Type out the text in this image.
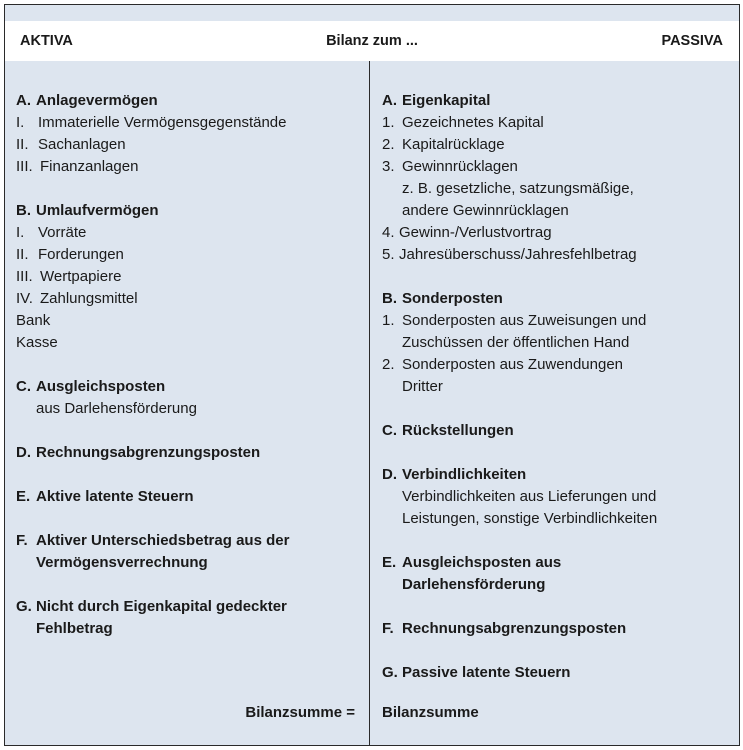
AKTIVA	Bilanz zum ...	PASSIVA
A. Anlagevermögen
I. Immaterielle Vermögensgegenstände
II. Sachanlagen
III. Finanzanlagen
B. Umlaufvermögen
I. Vorräte
II. Forderungen
III. Wertpapiere
IV. Zahlungsmittel
Bank
Kasse
C. Ausgleichsposten
aus Darlehensförderung
D. Rechnungsabgrenzungsposten
E. Aktive latente Steuern
F. Aktiver Unterschiedsbetrag aus der
Vermögensverrechnung
G. Nicht durch Eigenkapital gedeckter
Fehlbetrag
Bilanzsumme =
A. Eigenkapital
1. Gezeichnetes Kapital
2. Kapitalrücklage
3. Gewinnrücklagen
z. B. gesetzliche, satzungsmäßige,
andere Gewinnrücklagen
4. Gewinn-/Verlustvortrag
5. Jahresüberschuss/Jahresfehlbetrag
B. Sonderposten
1. Sonderposten aus Zuweisungen und
Zuschüssen der öffentlichen Hand
2. Sonderposten aus Zuwendungen
Dritter
C. Rückstellungen
D. Verbindlichkeiten
Verbindlichkeiten aus Lieferungen und
Leistungen, sonstige Verbindlichkeiten
E. Ausgleichsposten aus
Darlehensförderung
F. Rechnungsabgrenzungsposten
G. Passive latente Steuern
Bilanzsumme
